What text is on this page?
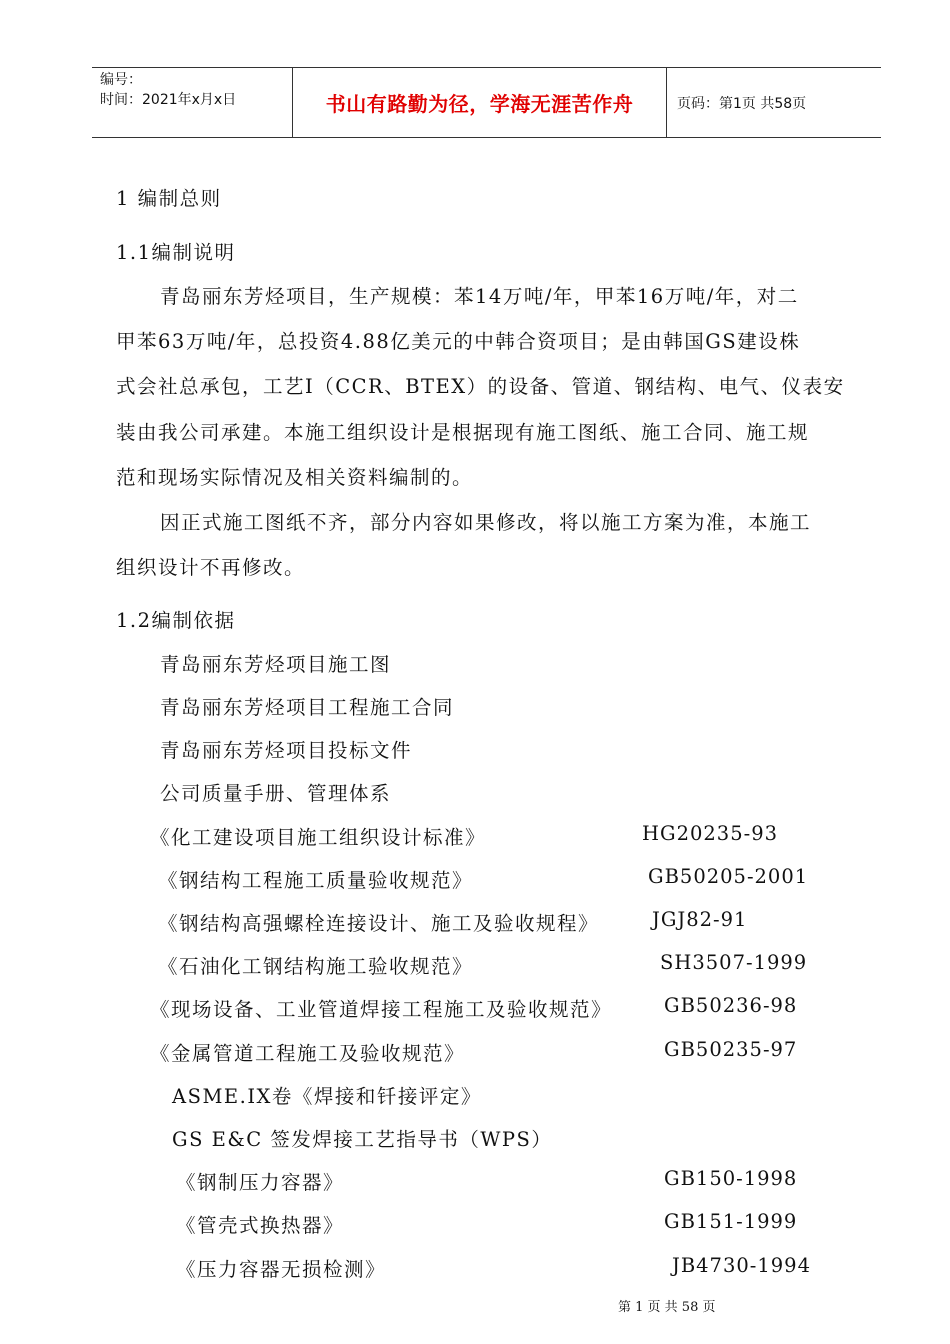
编号：
时间：2021年x月x日	书山有路勤为径，学海无涯苦作舟	页码：第1页 共58页
1 编制总则
1.1编制说明
青岛丽东芳烃项目，生产规模：苯14万吨/年，甲苯16万吨/年，对二
甲苯63万吨/年，总投资4.88亿美元的中韩合资项目；是由韩国GS建设株
式会社总承包，工艺Ⅰ（CCR、BTEX）的设备、管道、钢结构、电气、仪表安
装由我公司承建。本施工组织设计是根据现有施工图纸、施工合同、施工规
范和现场实际情况及相关资料编制的。
因正式施工图纸不齐，部分内容如果修改，将以施工方案为准，本施工
组织设计不再修改。
1.2编制依据
青岛丽东芳烃项目施工图
青岛丽东芳烃项目工程施工合同
青岛丽东芳烃项目投标文件
公司质量手册、管理体系
《化工建设项目施工组织设计标准》	HG20235-93
《钢结构工程施工质量验收规范》	GB50205-2001
《钢结构高强螺栓连接设计、施工及验收规程》	JGJ82-91
《石油化工钢结构施工验收规范》	SH3507-1999
《现场设备、工业管道焊接工程施工及验收规范》	GB50236-98
《金属管道工程施工及验收规范》	GB50235-97
ASME.IX卷《焊接和钎接评定》
GS E&C 签发焊接工艺指导书（WPS）
《钢制压力容器》	GB150-1998
《管壳式换热器》	GB151-1999
《压力容器无损检测》	JB4730-1994
第 1 页 共 58 页
